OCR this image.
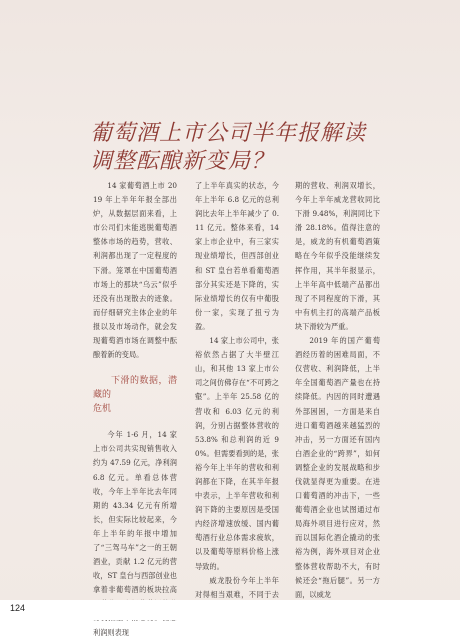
葡萄酒上市公司半年报解读
调整酝酿新变局？

14 家葡萄酒上市 2019 年上半年年报全部出炉，从数据层面来看，上市公司们未能逃脱葡萄酒整体市场的趋势，营收、利润都出现了一定程度的下滑。笼罩在中国葡萄酒市场上的那块“乌云”似乎还没有出现散去的迹象。而仔细研究主体企业的年报以及市场动作，就会发现葡萄酒市场在调整中酝酿着新的变局。

下滑的数据，潜藏的
危机

今年 1-6 月，14 家上市公司共实现销售收入约为 47.59 亿元，净利润 6.8 亿元。单看总体营收，今年上半年比去年同期的 43.34 亿元有所增长，但实际比较起来，今年上半年的年报中增加了“三驾马车”之一的王朝酒业，贡献 1.2 亿元的营收，ST 皇台与西部创业也拿着非葡萄酒的板块拉高 利润则表现

了上半年真实的状态，今年上半年 6.8 亿元的总利润比去年上半年减少了 0.11 亿元。整体来看，14 家上市企业中，有三家实现业绩增长，但西部创业和 ST 皇台若单看葡萄酒部分其实还是下降的，实际业绩增长的仅有中葡股份一家，实现了扭亏为盈。

14 家上市公司中，张裕依然占据了大半壁江山，和其他 13 家上市公司之间仿佛存在“不可跨之壑”。上半年 25.58 亿的营收和 6.03 亿元的利润，分别占据整体营收的 53.8% 和总利润的近 90%。但需要看到的是，张裕今年上半年的营收和利润都在下降，在其半年报中表示，上半年营收和利润下降的主要原因是受国内经济增速放缓、国内葡萄酒行业总体需求疲软，以及葡萄等原料价格上涨导致的。

威龙股份今年上半年对得相当艰难，不同于去

期的营收、利润双增长，今年上半年威龙营收同比下滑 9.48%，利润同比下滑 28.18%。值得注意的是，威龙的有机葡萄酒策略在今年似乎没能继续发挥作用，其半年报显示，上半年高中低端产品都出现了不同程度的下滑，其中有机主打的高端产品板块下滑较为严重。

2019 年的国产葡萄酒经历着的困难局面，不仅营收、利润降低，上半年全国葡萄酒产量也在持续降低。内因的同时遭遇外部困困，一方面是来自进口葡萄酒越来越猛烈的冲击，另一方面还有国内白酒企业的“跨界”，如何调整企业的发展战略和步伐就显得更为重要。在进口葡萄酒的冲击下，一些葡萄酒企业也试图通过布局海外项目进行应对，然而以国际化酒企撬动的张裕为例，海外项目对企业整体营收帮助不大，有时候还会“拖后腿”。另一方面，以威龙

124
